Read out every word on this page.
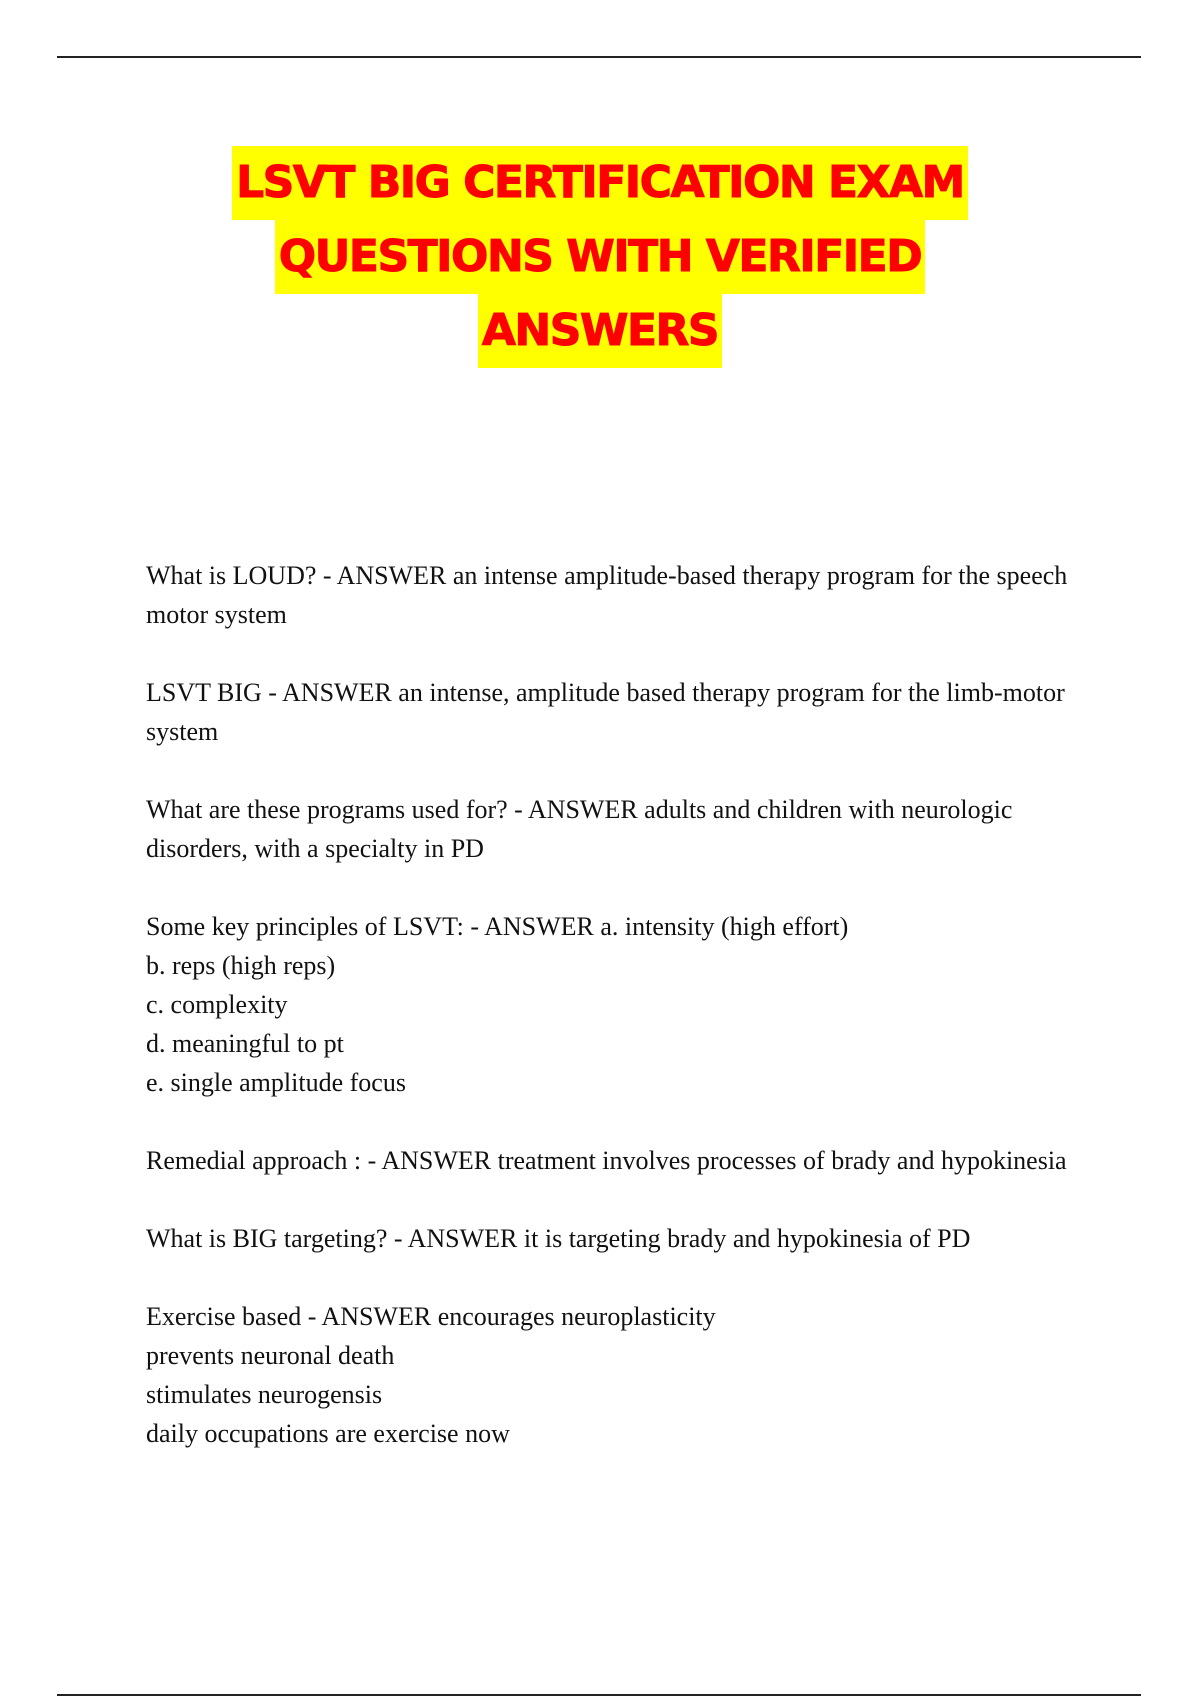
LSVT BIG CERTIFICATION EXAM
QUESTIONS WITH VERIFIED
ANSWERS
What is LOUD? - ANSWER an intense amplitude-based therapy program for the speech motor system
LSVT BIG - ANSWER an intense, amplitude based therapy program for the limb-motor system
What are these programs used for? - ANSWER adults and children with neurologic disorders, with a specialty in PD
Some key principles of LSVT: - ANSWER a. intensity (high effort)
b. reps (high reps)
c. complexity
d. meaningful to pt
e. single amplitude focus
Remedial approach : - ANSWER treatment involves processes of brady and hypokinesia
What is BIG targeting? - ANSWER it is targeting brady and hypokinesia of PD
Exercise based - ANSWER encourages neuroplasticity
prevents neuronal death
stimulates neurogensis
daily occupations are exercise now
